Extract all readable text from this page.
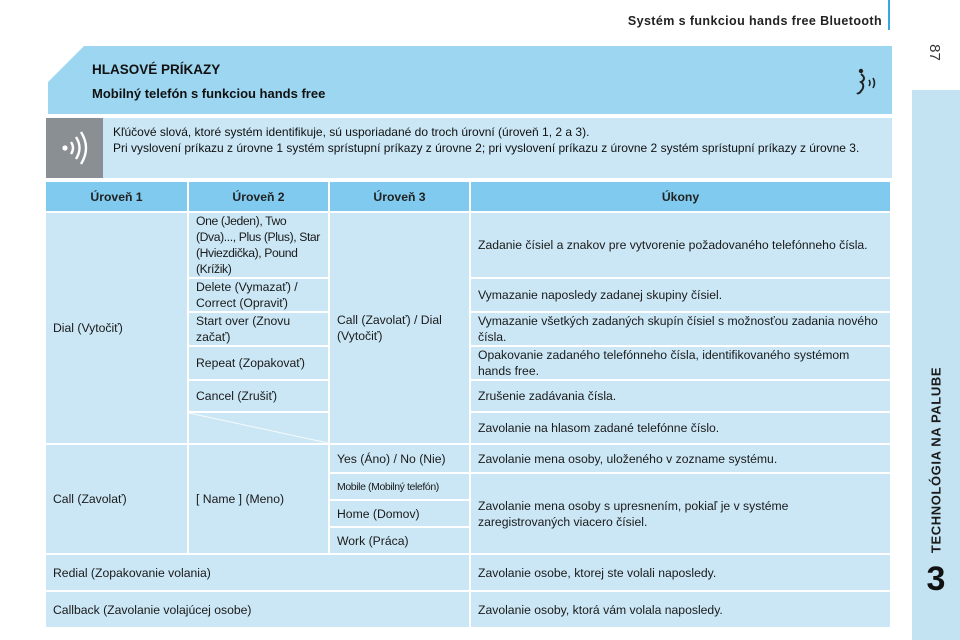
Systém s funkciou hands free Bluetooth
87
TECHNOLÓGIA NA PALUBE
3
HLASOVÉ PRÍKAZY
Mobilný telefón s funkciou hands free
Kľúčové slová, ktoré systém identifikuje, sú usporiadané do troch úrovní (úroveň 1, 2 a 3).
Pri vyslovení príkazu z úrovne 1 systém sprístupní príkazy z úrovne 2; pri vyslovení príkazu z úrovne 2 systém sprístupní príkazy z úrovne 3.
Úroveň 1	Úroveň 2	Úroveň 3	Úkony
Dial (Vytočiť)	One (Jeden), Two (Dva)..., Plus (Plus), Star (Hviezdička), Pound (Krížik)	Call (Zavolať) / Dial (Vytočiť)	Zadanie čísiel a znakov pre vytvorenie požadovaného telefónneho čísla.
	Delete (Vymazať) / Correct (Opraviť)		Vymazanie naposledy zadanej skupiny čísiel.
	Start over (Znovu začať)		Vymazanie všetkých zadaných skupín čísiel s možnosťou zadania nového čísla.
	Repeat (Zopakovať)		Opakovanie zadaného telefónneho čísla, identifikovaného systémom hands free.
	Cancel (Zrušiť)		Zrušenie zadávania čísla.
			Zavolanie na hlasom zadané telefónne číslo.
Call (Zavolať)	[ Name ] (Meno)	Yes (Áno) / No (Nie)	Zavolanie mena osoby, uloženého v zozname systému.
		Mobile (Mobilný telefón)	Zavolanie mena osoby s upresnením, pokiaľ je v systéme zaregistrovaných viacero čísiel.
		Home (Domov)	
		Work (Práca)	
Redial (Zopakovanie volania)			Zavolanie osobe, ktorej ste volali naposledy.
Callback (Zavolanie volajúcej osobe)			Zavolanie osoby, ktorá vám volala naposledy.
